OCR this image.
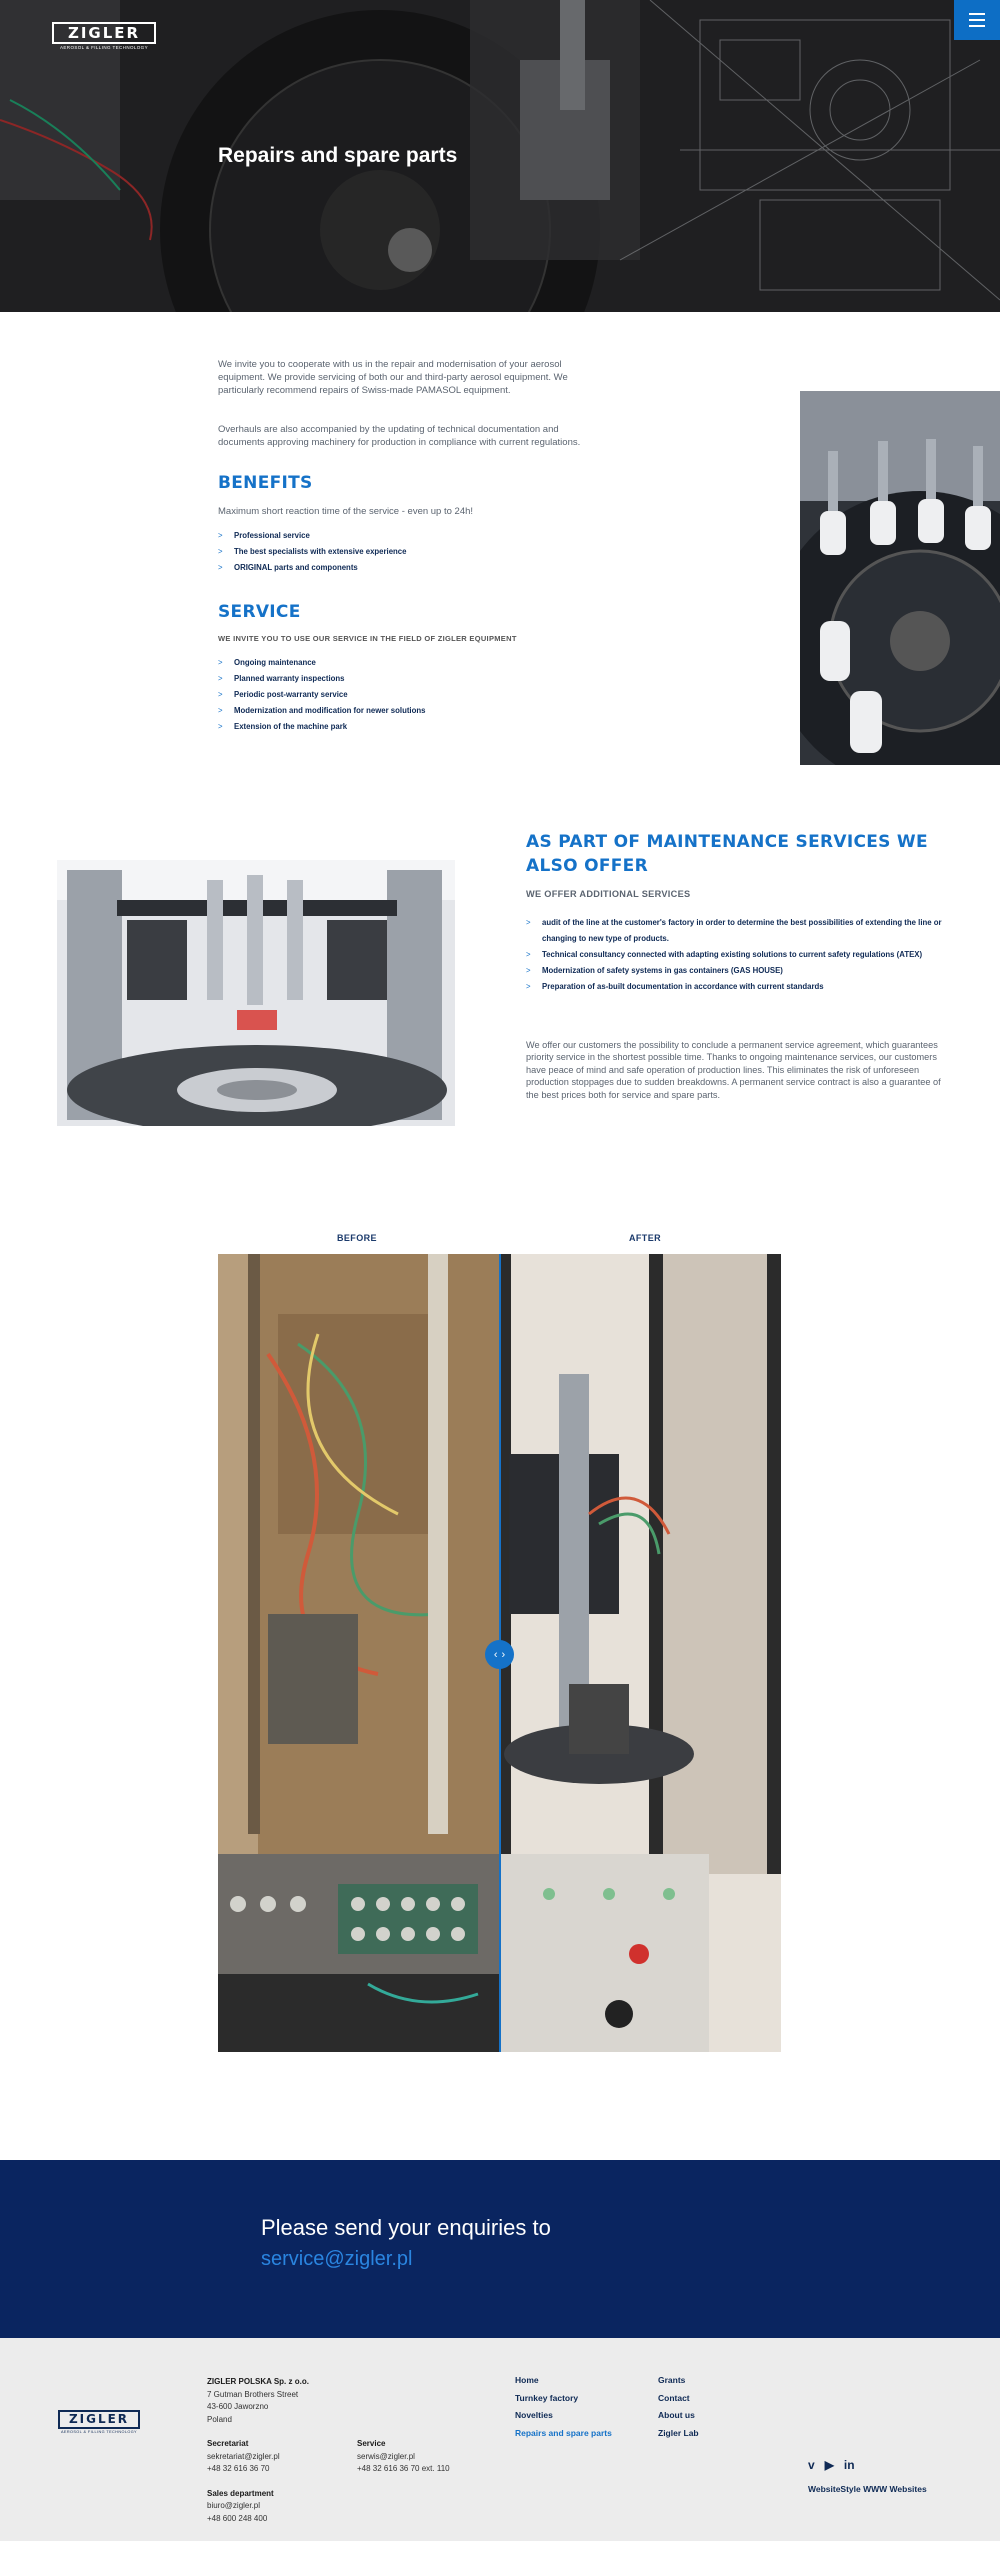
ZIGLER
AEROSOL & FILLING TECHNOLOGY
Repairs and spare parts

We invite you to cooperate with us in the repair and modernisation of your aerosol equipment. We provide servicing of both our and third-party aerosol equipment. We particularly recommend repairs of Swiss-made PAMASOL equipment.

Overhauls are also accompanied by the updating of technical documentation and documents approving machinery for production in compliance with current regulations.

BENEFITS

Maximum short reaction time of the service - even up to 24h!

> Professional service
> The best specialists with extensive experience
> ORIGINAL parts and components
SERVICE

WE INVITE YOU TO USE OUR SERVICE IN THE FIELD OF ZIGLER EQUIPMENT

> Ongoing maintenance
> Planned warranty inspections
> Periodic post-warranty service
> Modernization and modification for newer solutions
> Extension of the machine park
AS PART OF MAINTENANCE SERVICES WE ALSO OFFER

WE OFFER ADDITIONAL SERVICES

> audit of the line at the customer's factory in order to determine the best possibilities of extending the line or changing to new type of products.
> Technical consultancy connected with adapting existing solutions to current safety regulations (ATEX)
> Modernization of safety systems in gas containers (GAS HOUSE)
> Preparation of as-built documentation in accordance with current standards

We offer our customers the possibility to conclude a permanent service agreement, which guarantees priority service in the shortest possible time. Thanks to ongoing maintenance services, our customers have peace of mind and safe operation of production lines. This eliminates the risk of unforeseen production stoppages due to sudden breakdowns. A permanent service contract is also a guarantee of the best prices both for service and spare parts.

BEFORE	AFTER
‹ ›
Please send your enquiries to
service@zigler.pl
ZIGLER
AEROSOL & FILLING TECHNOLOGY
ZIGLER POLSKA Sp. z o.o.
7 Gutman Brothers Street
43-600 Jaworzno
Poland
Secretariat
sekretariat@zigler.pl
+48 32 616 36 70
Sales department
biuro@zigler.pl
+48 600 248 400
Service
serwis@zigler.pl
+48 32 616 36 70 ext. 110
Home
Turnkey factory
Novelties
Repairs and spare parts
Grants
Contact
About us
Zigler Lab
v ▶ in
WebsiteStyle WWW Websites
